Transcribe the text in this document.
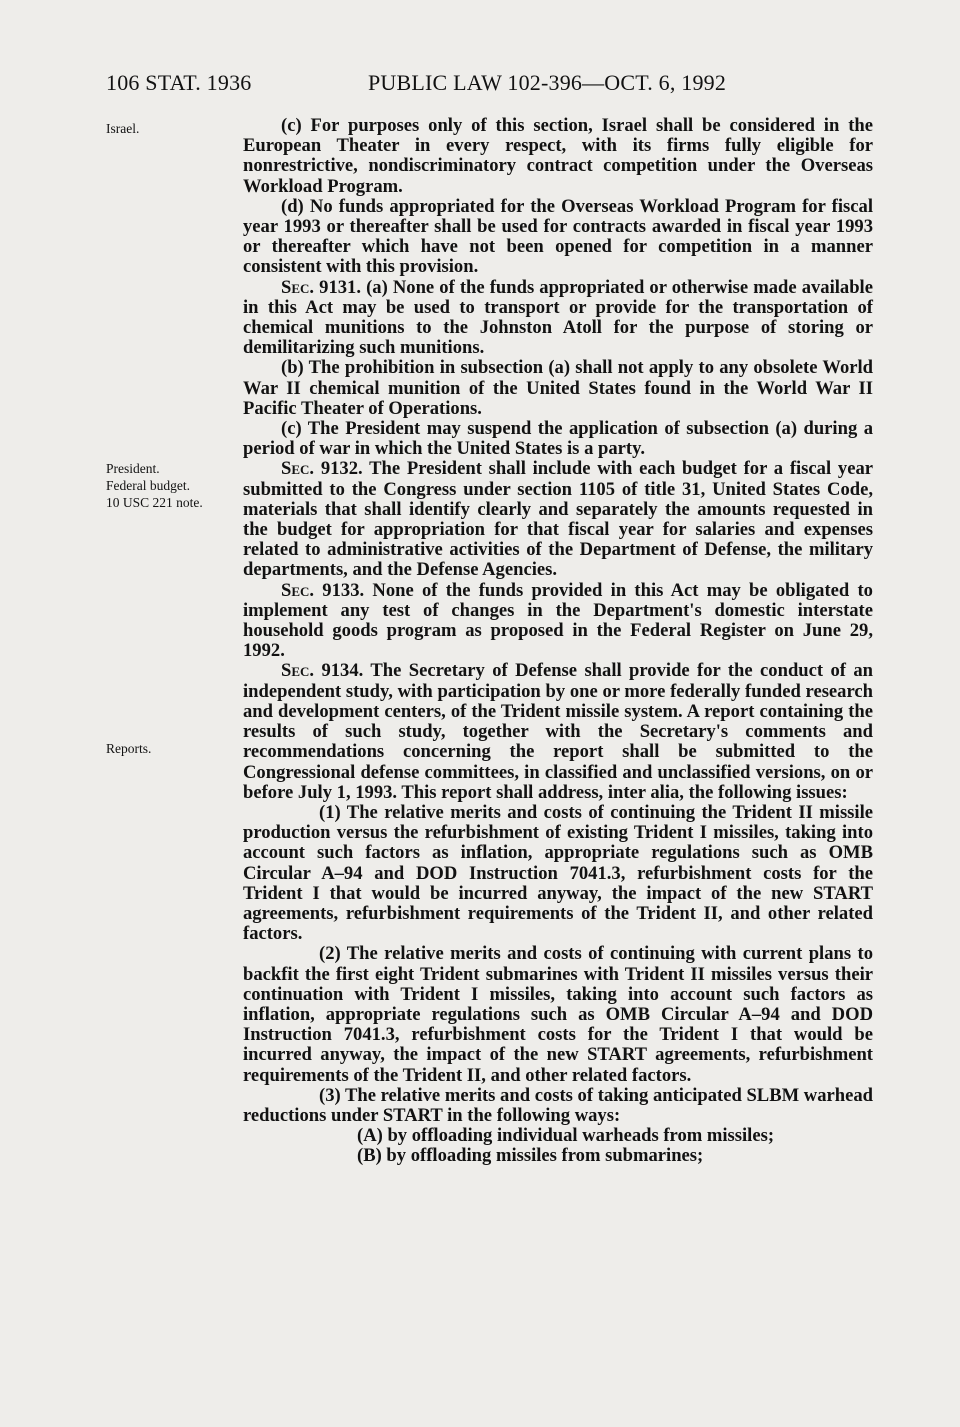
106 STAT. 1936	PUBLIC LAW 102-396—OCT. 6, 1992
Israel.
President.
Federal budget.
10 USC 221 note.
Reports.

(c) For purposes only of this section, Israel shall be considered in the European Theater in every respect, with its firms fully eligible for nonrestrictive, nondiscriminatory contract competition under the Overseas Workload Program.

(d) No funds appropriated for the Overseas Workload Program for fiscal year 1993 or thereafter shall be used for contracts awarded in fiscal year 1993 or thereafter which have not been opened for competition in a manner consistent with this provision.

Sec. 9131. (a) None of the funds appropriated or otherwise made available in this Act may be used to transport or provide for the transportation of chemical munitions to the Johnston Atoll for the purpose of storing or demilitarizing such munitions.

(b) The prohibition in subsection (a) shall not apply to any obsolete World War II chemical munition of the United States found in the World War II Pacific Theater of Operations.

(c) The President may suspend the application of subsection (a) during a period of war in which the United States is a party.

Sec. 9132. The President shall include with each budget for a fiscal year submitted to the Congress under section 1105 of title 31, United States Code, materials that shall identify clearly and separately the amounts requested in the budget for appropriation for that fiscal year for salaries and expenses related to administrative activities of the Department of Defense, the military departments, and the Defense Agencies.

Sec. 9133. None of the funds provided in this Act may be obligated to implement any test of changes in the Department's domestic interstate household goods program as proposed in the Federal Register on June 29, 1992.

Sec. 9134. The Secretary of Defense shall provide for the conduct of an independent study, with participation by one or more federally funded research and development centers, of the Trident missile system. A report containing the results of such study, together with the Secretary's comments and recommendations concerning the report shall be submitted to the Congressional defense committees, in classified and unclassified versions, on or before July 1, 1993. This report shall address, inter alia, the following issues:

(1) The relative merits and costs of continuing the Trident II missile production versus the refurbishment of existing Trident I missiles, taking into account such factors as inflation, appropriate regulations such as OMB Circular A–94 and DOD Instruction 7041.3, refurbishment costs for the Trident I that would be incurred anyway, the impact of the new START agreements, refurbishment requirements of the Trident II, and other related factors.

(2) The relative merits and costs of continuing with current plans to backfit the first eight Trident submarines with Trident II missiles versus their continuation with Trident I missiles, taking into account such factors as inflation, appropriate regulations such as OMB Circular A–94 and DOD Instruction 7041.3, refurbishment costs for the Trident I that would be incurred anyway, the impact of the new START agreements, refurbishment requirements of the Trident II, and other related factors.

(3) The relative merits and costs of taking anticipated SLBM warhead reductions under START in the following ways:

(A) by offloading individual warheads from missiles;

(B) by offloading missiles from submarines;
